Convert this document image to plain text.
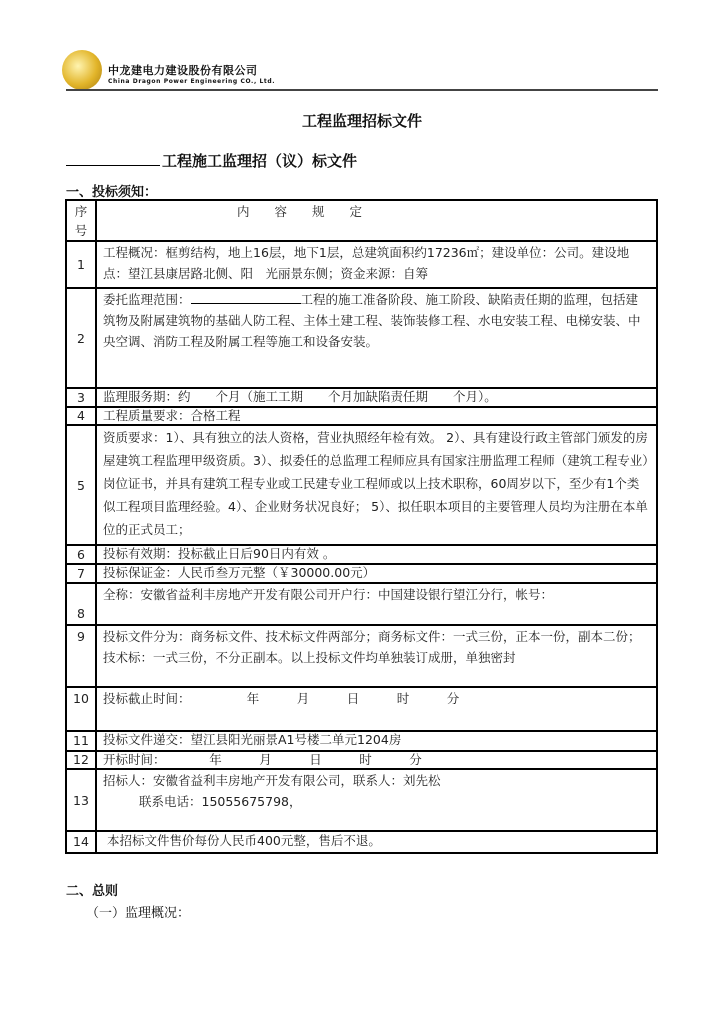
中龙建电力建设股份有限公司
China Dragon Power Engineering CO., Ltd.
工程监理招标文件
工程施工监理招（议）标文件
一、投标须知：
序号	内　　容　　规　　定
1	工程概况：框剪结构，地上16层，地下1层，总建筑面积约17236㎡；建设单位：公司。建设地点：望江县康居路北侧、阳　光丽景东侧；资金来源：自筹
2	委托监理范围： 工程的施工准备阶段、施工阶段、缺陷责任期的监理，包括建筑物及附属建筑物的基础人防工程、主体土建工程、装饰装修工程、水电安装工程、电梯安装、中央空调、消防工程及附属工程等施工和设备安装。
3	监理服务期：约　　个月（施工工期　　个月加缺陷责任期　　个月）。
4	工程质量要求：合格工程
5	资质要求：1）、具有独立的法人资格，营业执照经年检有效。 2）、具有建设行政主管部门颁发的房屋建筑工程监理甲级资质。3）、拟委任的总监理工程师应具有国家注册监理工程师（建筑工程专业）岗位证书，并具有建筑工程专业或工民建专业工程师或以上技术职称，60周岁以下，至少有1个类似工程项目监理经验。4）、企业财务状况良好； 5）、拟任职本项目的主要管理人员均为注册在本单位的正式员工；
6	投标有效期：投标截止日后90日内有效 。
7	投标保证金：人民币叁万元整（￥30000.00元）
8	全称：安徽省益利丰房地产开发有限公司开户行：中国建设银行望江分行，帐号：
9	投标文件分为：商务标文件、技术标文件两部分；商务标文件：一式三份，正本一份，副本二份；技术标：一式三份，不分正副本。以上投标文件均单独装订成册，单独密封
10	投标截止时间：　　　　　年　　　月　　　日　　　时　　　分
11	投标文件递交：望江县阳光丽景A1号楼二单元1204房
12	开标时间：　　　　年　　　月　　　日　　　时　　　分
13	招标人：安徽省益利丰房地产开发有限公司，联系人：刘先松
联系电话：15055675798，

14	本招标文件售价每份人民币400元整，售后不退。
二、总则
（一）监理概况：
